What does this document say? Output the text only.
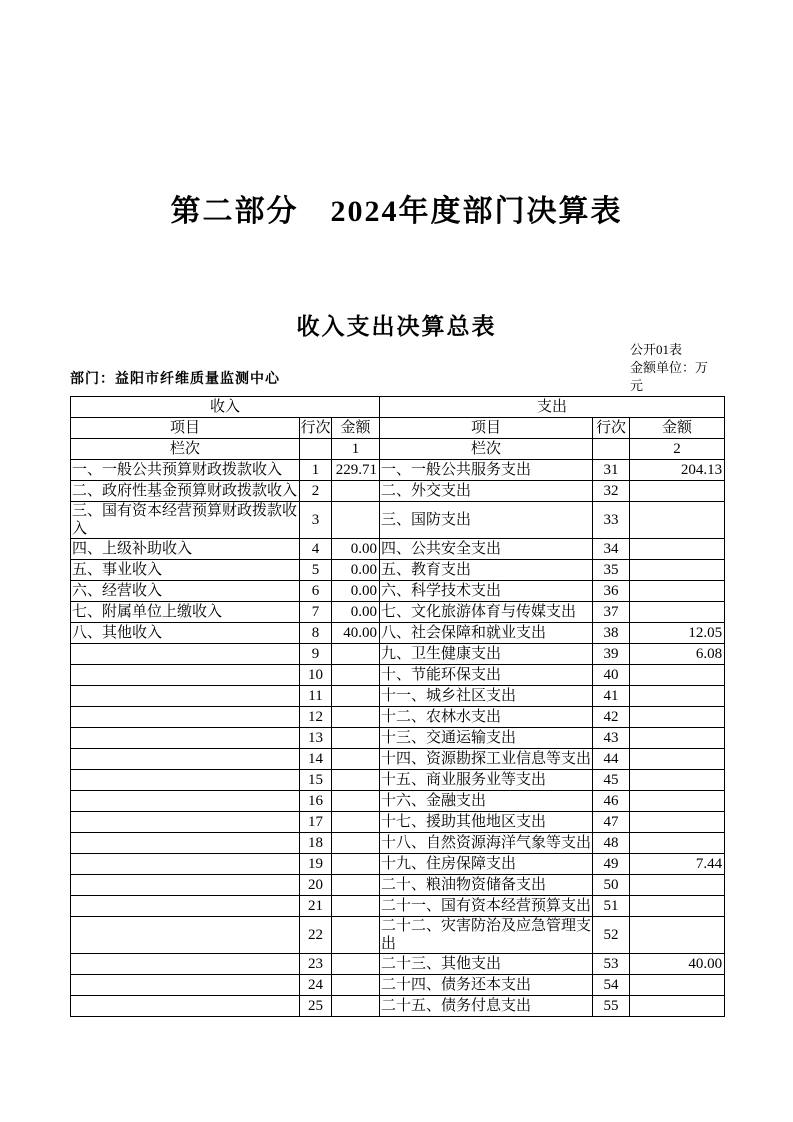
第二部分　2024年度部门决算表
收入支出决算总表
公开01表
金额单位：万元
部门：益阳市纤维质量监测中心
收入			支出		
项目	行次	金额	项目	行次	金额
栏次		1	栏次		2
一、一般公共预算财政拨款收入	1	229.71	一、一般公共服务支出	31	204.13
二、政府性基金预算财政拨款收入	2		二、外交支出	32	
三、国有资本经营预算财政拨款收入	3		三、国防支出	33	
四、上级补助收入	4	0.00	四、公共安全支出	34	
五、事业收入	5	0.00	五、教育支出	35	
六、经营收入	6	0.00	六、科学技术支出	36	
七、附属单位上缴收入	7	0.00	七、文化旅游体育与传媒支出	37	
八、其他收入	8	40.00	八、社会保障和就业支出	38	12.05
	9		九、卫生健康支出	39	6.08
	10		十、节能环保支出	40	
	11		十一、城乡社区支出	41	
	12		十二、农林水支出	42	
	13		十三、交通运输支出	43	
	14		十四、资源勘探工业信息等支出	44	
	15		十五、商业服务业等支出	45	
	16		十六、金融支出	46	
	17		十七、援助其他地区支出	47	
	18		十八、自然资源海洋气象等支出	48	
	19		十九、住房保障支出	49	7.44
	20		二十、粮油物资储备支出	50	
	21		二十一、国有资本经营预算支出	51	
	22		二十二、灾害防治及应急管理支出	52	
	23		二十三、其他支出	53	40.00
	24		二十四、债务还本支出	54	
	25		二十五、债务付息支出	55	
